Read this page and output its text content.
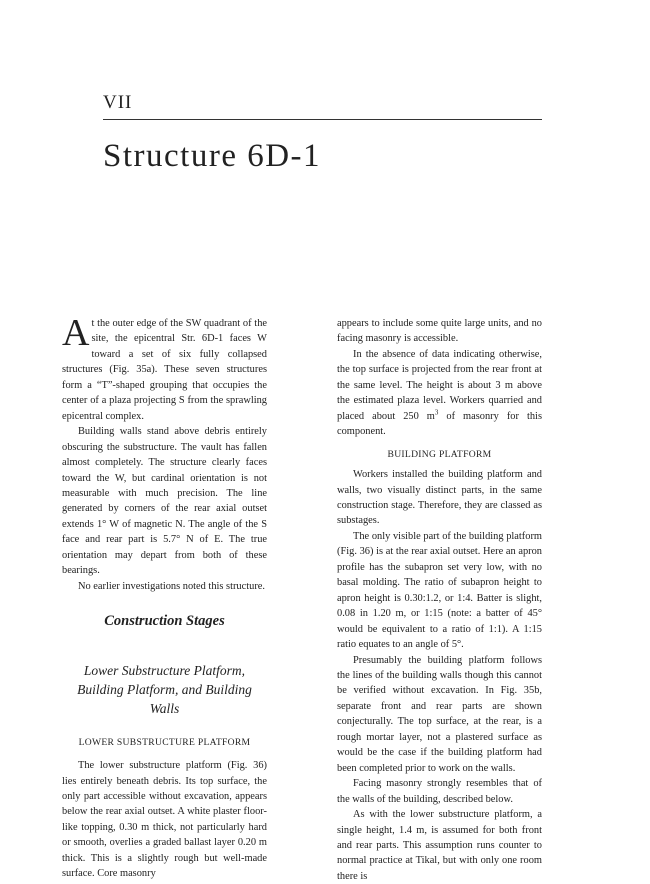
VII
Structure 6D-1

At the outer edge of the SW quadrant of the site, the epicentral Str. 6D-1 faces W toward a set of six fully collapsed structures (Fig. 35a). These seven structures form a “T”-shaped grouping that occupies the center of a plaza projecting S from the sprawling epicentral complex.

Building walls stand above debris entirely obscuring the substructure. The vault has fallen almost completely. The structure clearly faces toward the W, but cardinal orientation is not measurable with much precision. The line generated by corners of the rear axial outset extends 1° W of magnetic N. The angle of the S face and rear part is 5.7° N of E. The true orientation may depart from both of these bearings.

No earlier investigations noted this structure.

Construction Stages
Lower Substructure Platform, Building Platform, and Building Walls
LOWER SUBSTRUCTURE PLATFORM

The lower substructure platform (Fig. 36) lies entirely beneath debris. Its top surface, the only part accessible without excavation, appears below the rear axial outset. A white plaster floor-like topping, 0.30 m thick, not particularly hard or smooth, overlies a graded ballast layer 0.20 m thick. This is a slightly rough but well-made surface. Core masonry

appears to include some quite large units, and no facing masonry is accessible.

In the absence of data indicating otherwise, the top surface is projected from the rear front at the same level. The height is about 3 m above the estimated plaza level. Workers quarried and placed about 250 $m^3$ of masonry for this component.

BUILDING PLATFORM

Workers installed the building platform and walls, two visually distinct parts, in the same construction stage. Therefore, they are classed as substages.

The only visible part of the building platform (Fig. 36) is at the rear axial outset. Here an apron profile has the subapron set very low, with no basal molding. The ratio of subapron height to apron height is 0.30:1.2, or 1:4. Batter is slight, 0.08 in 1.20 m, or 1:15 (note: a batter of 45° would be equivalent to a ratio of 1:1). A 1:15 ratio equates to an angle of 5°.

Presumably the building platform follows the lines of the building walls though this cannot be verified without excavation. In Fig. 35b, separate front and rear parts are shown conjecturally. The top surface, at the rear, is a rough mortar layer, not a plastered surface as would be the case if the building platform had been completed prior to work on the walls.

Facing masonry strongly resembles that of the walls of the building, described below.

As with the lower substructure platform, a single height, 1.4 m, is assumed for both front and rear parts. This assumption runs counter to normal practice at Tikal, but with only one room there is
